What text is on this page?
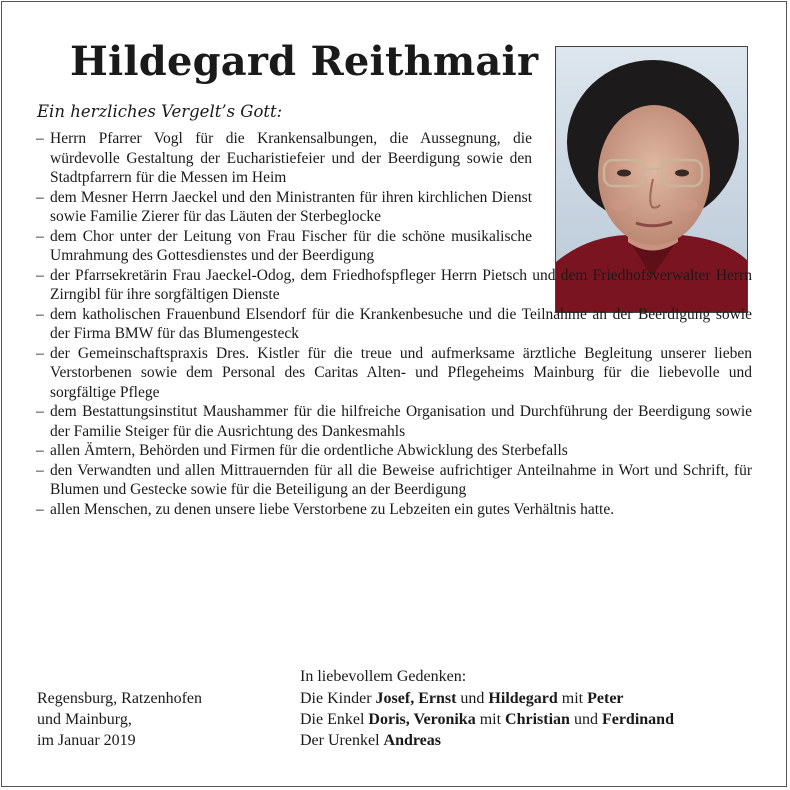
Hildegard Reithmair
Ein herzliches Vergelt’s Gott:
– Herrn Pfarrer Vogl für die Krankensalbungen, die Aussegnung, die würdevolle Gestaltung der Eucharistiefeier und der Beerdigung sowie den Stadtpfarrern für die Messen im Heim
– dem Mesner Herrn Jaeckel und den Ministranten für ihren kirchlichen Dienst sowie Familie Zierer für das Läuten der Sterbeglocke
– dem Chor unter der Leitung von Frau Fischer für die schöne musikalische Umrahmung des Gottesdienstes und der Beerdigung
– der Pfarrsekretärin Frau Jaeckel-Odog, dem Friedhofspfleger Herrn Pietsch und dem Friedhofsverwalter Herrn Zirngibl für ihre sorgfältigen Dienste
– dem katholischen Frauenbund Elsendorf für die Krankenbesuche und die Teilnahme an der Beerdigung sowie der Firma BMW für das Blumengesteck
– der Gemeinschaftspraxis Dres. Kistler für die treue und aufmerksame ärztliche Begleitung unserer lieben Verstorbenen sowie dem Personal des Caritas Alten- und Pflegeheims Mainburg für die liebevolle und sorgfältige Pflege
– dem Bestattungsinstitut Maushammer für die hilfreiche Organisation und Durchführung der Beerdigung sowie der Familie Steiger für die Ausrichtung des Dankesmahls
– allen Ämtern, Behörden und Firmen für die ordentliche Abwicklung des Sterbefalls
– den Verwandten und allen Mittrauernden für all die Beweise aufrichtiger Anteilnahme in Wort und Schrift, für Blumen und Gestecke sowie für die Beteiligung an der Beerdigung
– allen Menschen, zu denen unsere liebe Verstorbene zu Lebzeiten ein gutes Verhältnis hatte.
In liebevollem Gedenken:
Regensburg, Ratzenhofen
und Mainburg,
im Januar 2019
Die Kinder Josef, Ernst und Hildegard mit Peter
Die Enkel Doris, Veronika mit Christian und Ferdinand
Der Urenkel Andreas
